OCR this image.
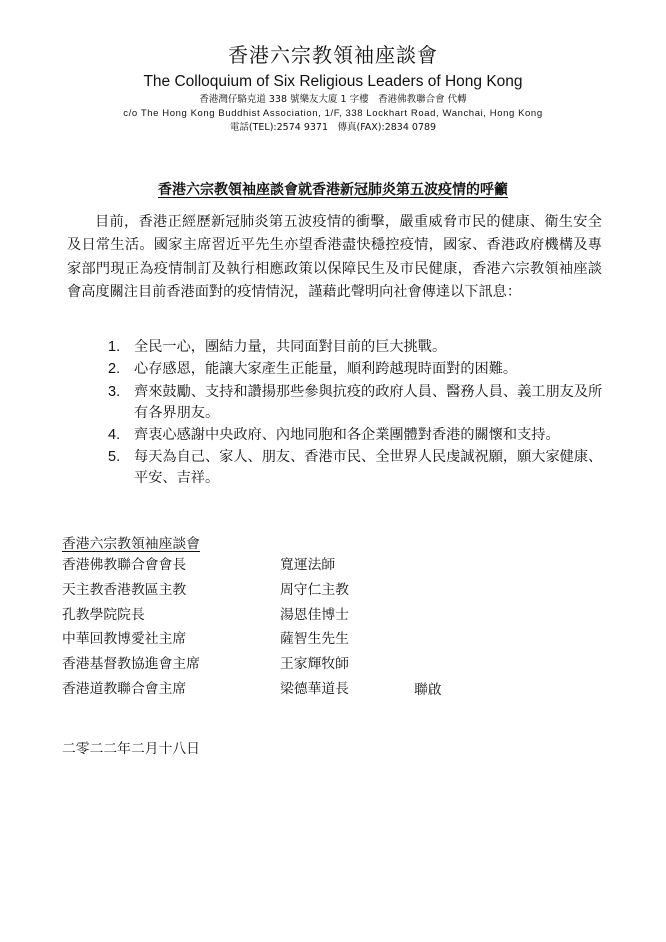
香港六宗教領袖座談會
The Colloquium of Six Religious Leaders of Hong Kong
香港灣仔駱克道 338 號樂友大廈 1 字樓　香港佛教聯合會 代轉
c/o The Hong Kong Buddhist Association, 1/F, 338 Lockhart Road, Wanchai, Hong Kong
電話(TEL):2574 9371　傳真(FAX):2834 0789
香港六宗教領袖座談會就香港新冠肺炎第五波疫情的呼籲

目前，香港正經歷新冠肺炎第五波疫情的衝擊，嚴重威脅市民的健康、衛生安全及日常生活。國家主席習近平先生亦望香港盡快穩控疫情，國家、香港政府機構及專家部門現正為疫情制訂及執行相應政策以保障民生及市民健康，香港六宗教領袖座談會高度關注目前香港面對的疫情情況，謹藉此聲明向社會傳達以下訊息：

1. 全民一心，團結力量，共同面對目前的巨大挑戰。
2. 心存感恩，能讓大家產生正能量，順利跨越現時面對的困難。
3. 齊來鼓勵、支持和讚揚那些參與抗疫的政府人員、醫務人員、義工朋友及所有各界朋友。
4. 齊衷心感謝中央政府、內地同胞和各企業團體對香港的關懷和支持。
5. 每天為自己、家人、朋友、香港市民、全世界人民虔誠祝願，願大家健康、平安、吉祥。

香港六宗教領袖座談會

香港佛教聯合會會長	寬運法師
天主教香港教區主教	周守仁主教
孔教學院院長	湯恩佳博士
中華回教博愛社主席	薩智生先生
香港基督教協進會主席	王家輝牧師
香港道教聯合會主席	梁德華道長	聯啟
二零二二年二月十八日
